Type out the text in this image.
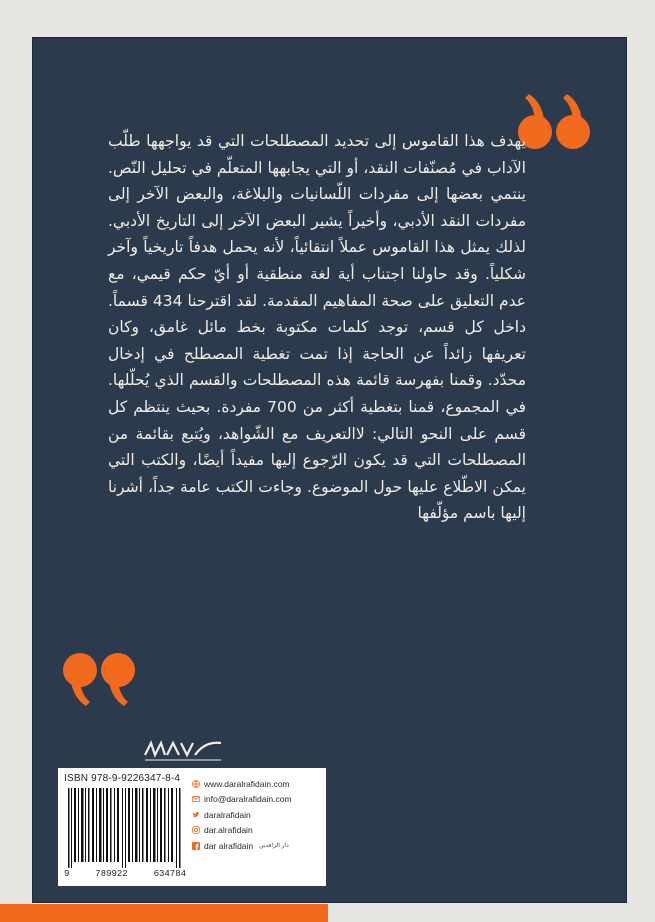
يهدف هذا القاموس إلى تحديد المصطلحات التي قد يواجهها طلّب الآداب في مُصنّفات النقد، أو التي يجابهها المتعلّم في تحليل النّص. ينتمي بعضها إلى مفردات اللّسانيات والبلاغة، والبعض الآخر إلى مفردات النقد الأدبي، وأخيراً يشير البعض الآخر إلى التاريخ الأدبي. لذلك يمثل هذا القاموس عملاً انتقائياً، لأنه يحمل هدفاً تاريخياً وآخر شكلياً. وقد حاولنا اجتناب أية لغة منطقية أو أيّ حكم قيمي، مع عدم التعليق على صحة المفاهيم المقدمة. لقد اقترحنا 434 قسماً. داخل كل قسم، توجد كلمات مكتوبة بخط مائل غامق، وكان تعريفها زائداً عن الحاجة إذا تمت تغطية المصطلح في إدخال محدّد. وقمنا بفهرسة قائمة هذه المصطلحات والقسم الذي يُحلّلها. في المجموع، قمنا بتغطية أكثر من 700 مفردة. بحيث ينتظم كل قسم على النحو التالي: لاالتعريف مع الشّواهد، ويُتبع بقائمة من المصطلحات التي قد يكون الرّجوع إليها مفيداً أيضًا، والكتب التي يمكن الاطّلاع عليها حول الموضوع. وجاءت الكتب عامة جداً، أشرنا إليها باسم مؤلّفها

ISBN 978-9-9226347-8-4
9	789922	634784
www.daralrafidain.com
info@daralrafidain.com
daralrafidain
dar.alrafidain
dar alrafidain دار الرافدين
